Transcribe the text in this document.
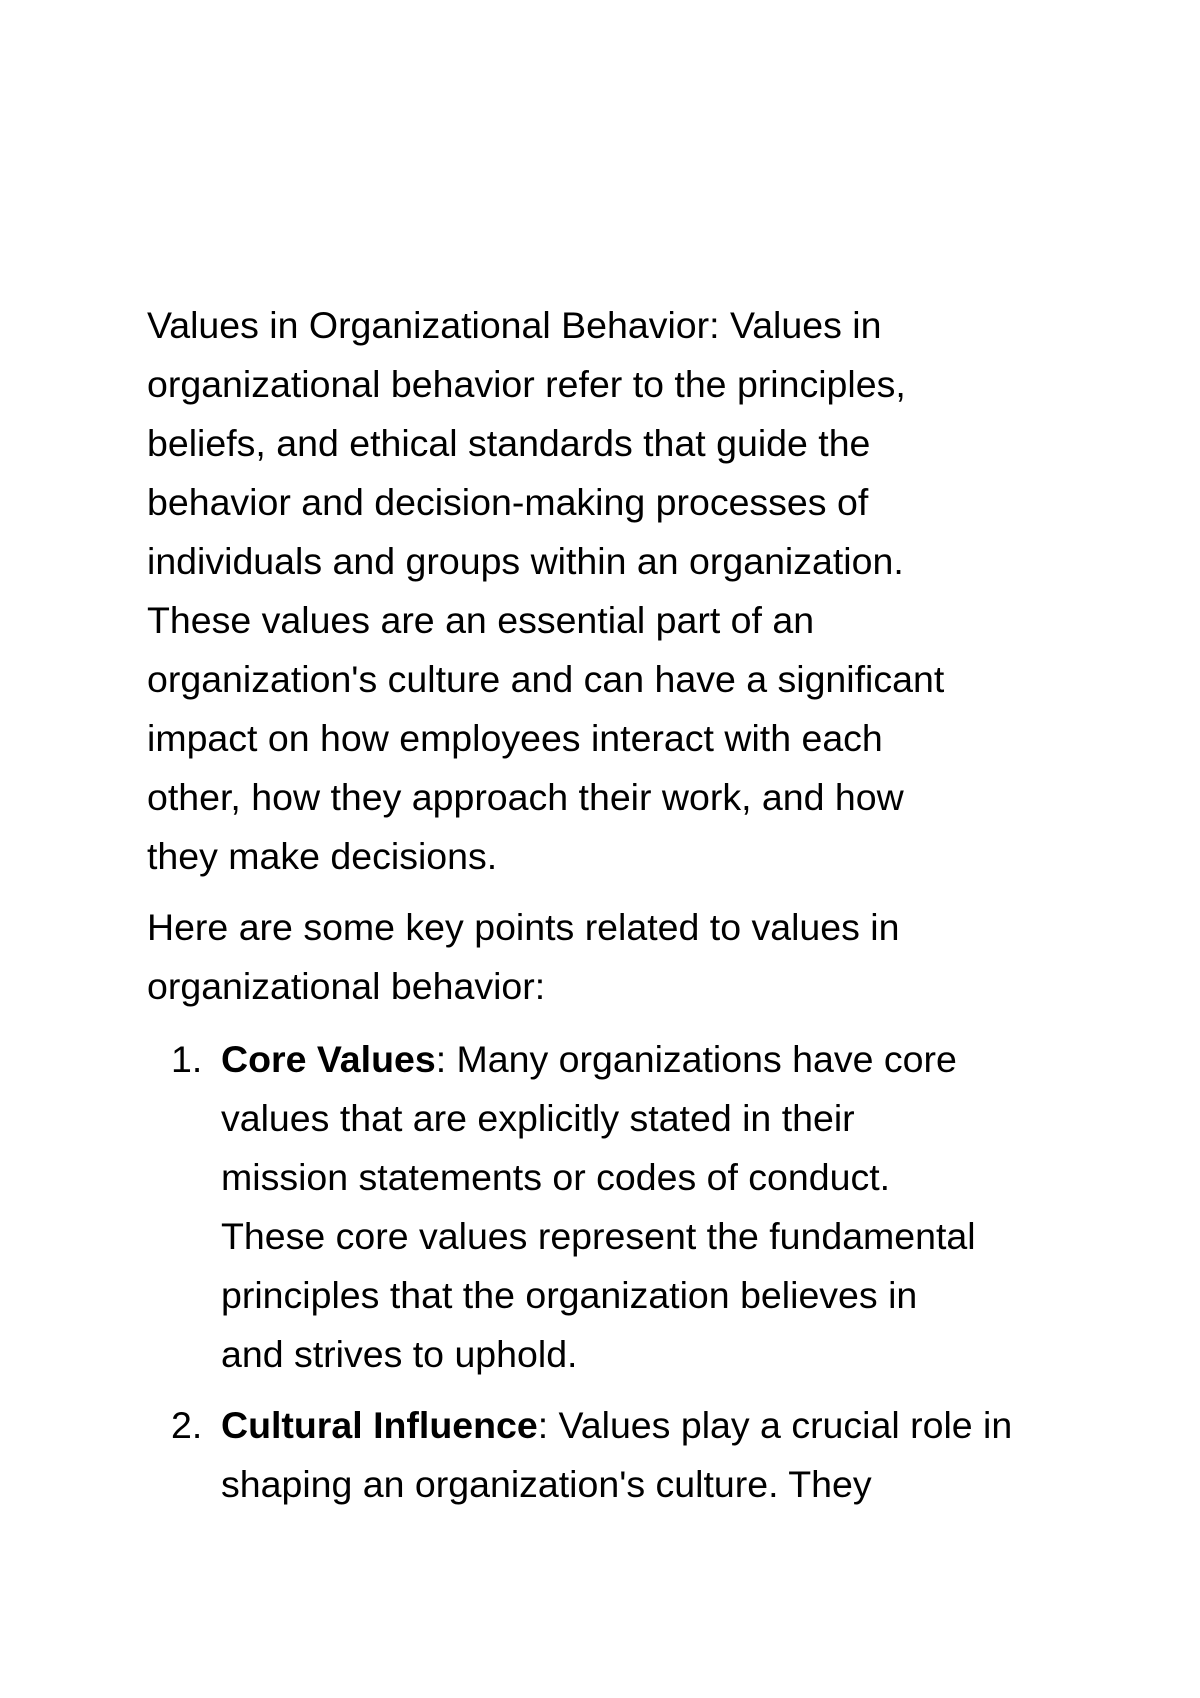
Values in Organizational Behavior: Values in
organizational behavior refer to the principles,
beliefs, and ethical standards that guide the
behavior and decision-making processes of
individuals and groups within an organization.
These values are an essential part of an
organization's culture and can have a significant
impact on how employees interact with each
other, how they approach their work, and how
they make decisions.

Here are some key points related to values in
organizational behavior:

1. Core Values: Many organizations have core
values that are explicitly stated in their
mission statements or codes of conduct.
These core values represent the fundamental
principles that the organization believes in
and strives to uphold.
2. Cultural Influence: Values play a crucial role in
shaping an organization's culture. They
